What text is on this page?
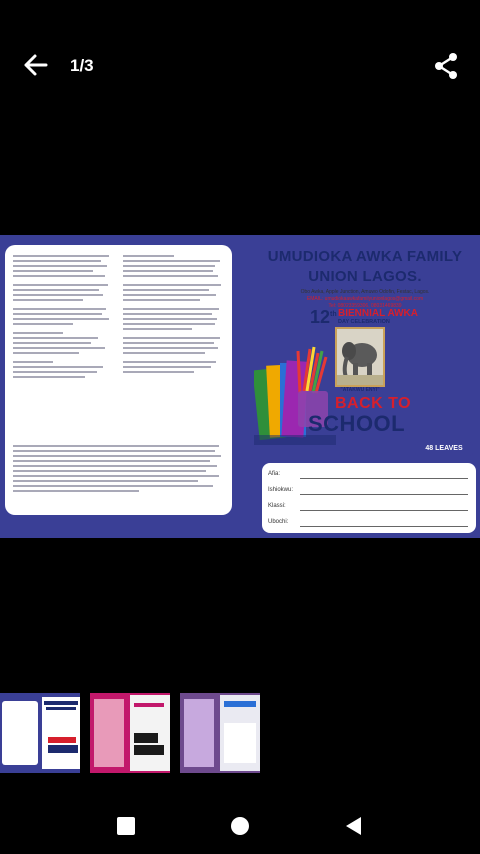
1/3
@ Patience Print 0703 590 9220
UMUDIOKA AWKA FAMILY
UNION LAGOS.
Obo Awka, Apple Junction, Amuwo Odofin, Festac, Lagos.
EMAIL: umudiokaawkafamilyunionlagos@gmail.com
Tel: 08023359306, 08031469839
12th BIENNIAL AWKA
DAY CELEBRATION
"ATAKWU ENYI"
BACK TO
SCHOOL
48 LEAVES
Afia:
Ishiokwu:
Klassi:
Ubochi:
